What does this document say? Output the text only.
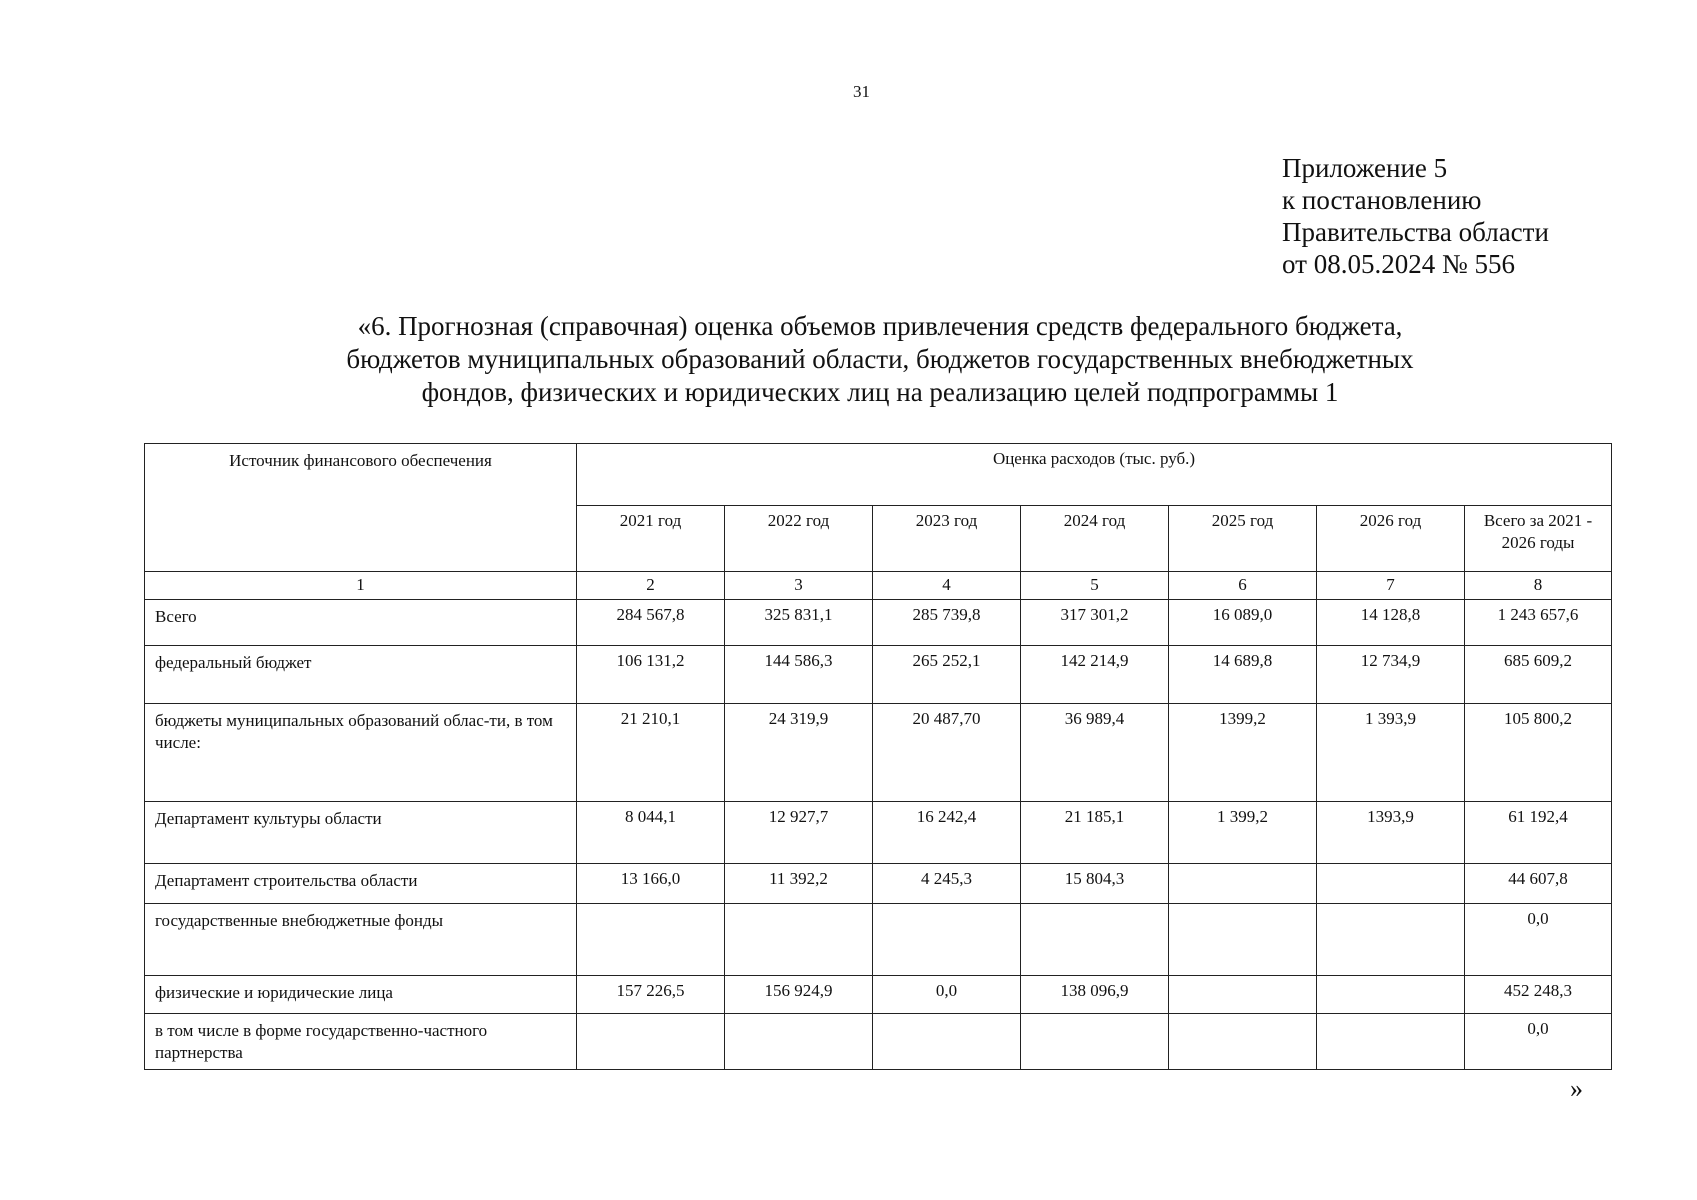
31
Приложение 5
к постановлению
Правительства области
от 08.05.2024 № 556
«6. Прогнозная (справочная) оценка объемов привлечения средств федерального бюджета,
бюджетов муниципальных образований области, бюджетов государственных внебюджетных
фондов, физических и юридических лиц на реализацию целей подпрограммы 1
Источник финансового обеспечения	Оценка расходов (тыс. руб.)						
	2021 год	2022 год	2023 год	2024 год	2025 год	2026 год	Всего за 2021 - 2026 годы
1	2	3	4	5	6	7	8
Всего	284 567,8	325 831,1	285 739,8	317 301,2	16 089,0	14 128,8	1 243 657,6
федеральный бюджет	106 131,2	144 586,3	265 252,1	142 214,9	14 689,8	12 734,9	685 609,2
бюджеты муниципальных образований облас-ти, в том числе:	21 210,1	24 319,9	20 487,70	36 989,4	1399,2	1 393,9	105 800,2
Департамент культуры области	8 044,1	12 927,7	16 242,4	21 185,1	1 399,2	1393,9	61 192,4
Департамент строительства области	13 166,0	11 392,2	4 245,3	15 804,3			44 607,8
государственные внебюджетные фонды							0,0
физические и юридические лица	157 226,5	156 924,9	0,0	138 096,9			452 248,3
в том числе в форме государственно-частного партнерства							0,0
»
